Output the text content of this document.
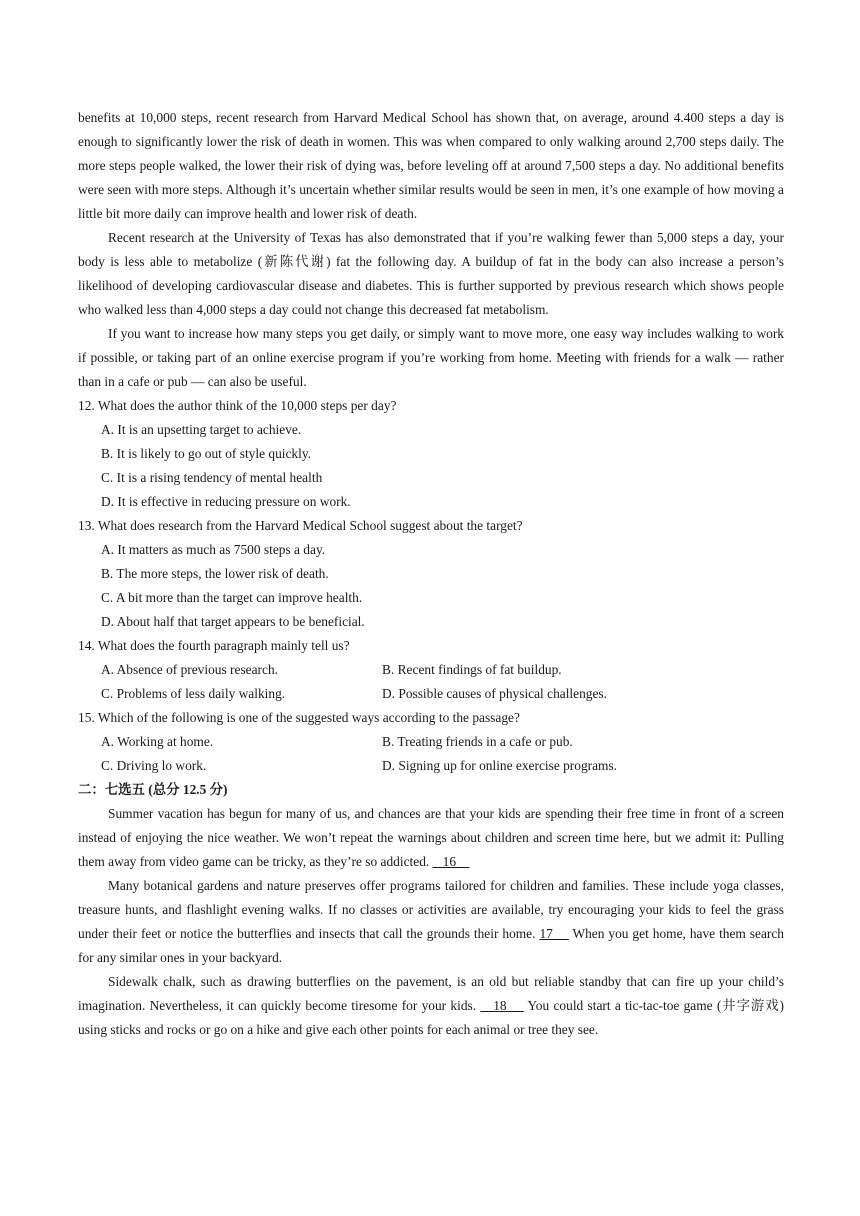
benefits at 10,000 steps, recent research from Harvard Medical School has shown that, on average, around 4.400 steps a day is enough to significantly lower the risk of death in women. This was when compared to only walking around 2,700 steps daily. The more steps people walked, the lower their risk of dying was, before leveling off at around 7,500 steps a day. No additional benefits were seen with more steps. Although it’s uncertain whether similar results would be seen in men, it’s one example of how moving a little bit more daily can improve health and lower risk of death.

Recent research at the University of Texas has also demonstrated that if you’re walking fewer than 5,000 steps a day, your body is less able to metabolize (新陈代谢) fat the following day. A buildup of fat in the body can also increase a person’s likelihood of developing cardiovascular disease and diabetes. This is further supported by previous research which shows people who walked less than 4,000 steps a day could not change this decreased fat metabolism.

If you want to increase how many steps you get daily, or simply want to move more, one easy way includes walking to work if possible, or taking part of an online exercise program if you’re working from home. Meeting with friends for a walk — rather than in a cafe or pub — can also be useful.

12. What does the author think of the 10,000 steps per day?

A. It is an upsetting target to achieve.

B. It is likely to go out of style quickly.

C. It is a rising tendency of mental health

D. It is effective in reducing pressure on work.

13. What does research from the Harvard Medical School suggest about the target?

A. It matters as much as 7500 steps a day.

B. The more steps, the lower risk of death.

C. A bit more than the target can improve health.

D. About half that target appears to be beneficial.

14. What does the fourth paragraph mainly tell us?

A. Absence of previous research.	B. Recent findings of fat buildup.
C. Problems of less daily walking.	D. Possible causes of physical challenges.

15. Which of the following is one of the suggested ways according to the passage?

A. Working at home.	B. Treating friends in a cafe or pub.
C. Driving lo work.	D. Signing up for online exercise programs.

二：七选五 (总分 12.5 分)

Summer vacation has begun for many of us, and chances are that your kids are spending their free time in front of a screen instead of enjoying the nice weather. We won’t repeat the warnings about children and screen time here, but we admit it: Pulling them away from video game can be tricky, as they’re so addicted.    16

Many botanical gardens and nature preserves offer programs tailored for children and families. These include yoga classes, treasure hunts, and flashlight evening walks. If no classes or activities are available, try encouraging your kids to feel the grass under their feet or notice the butterflies and insects that call the grounds their home. 17     When you get home, have them search for any similar ones in your backyard.

Sidewalk chalk, such as drawing butterflies on the pavement, is an old but reliable standby that can fire up your child’s imagination. Nevertheless, it can quickly become tiresome for your kids.    18     You could start a tic-tac-toe game (井字游戏) using sticks and rocks or go on a hike and give each other points for each animal or tree they see.
